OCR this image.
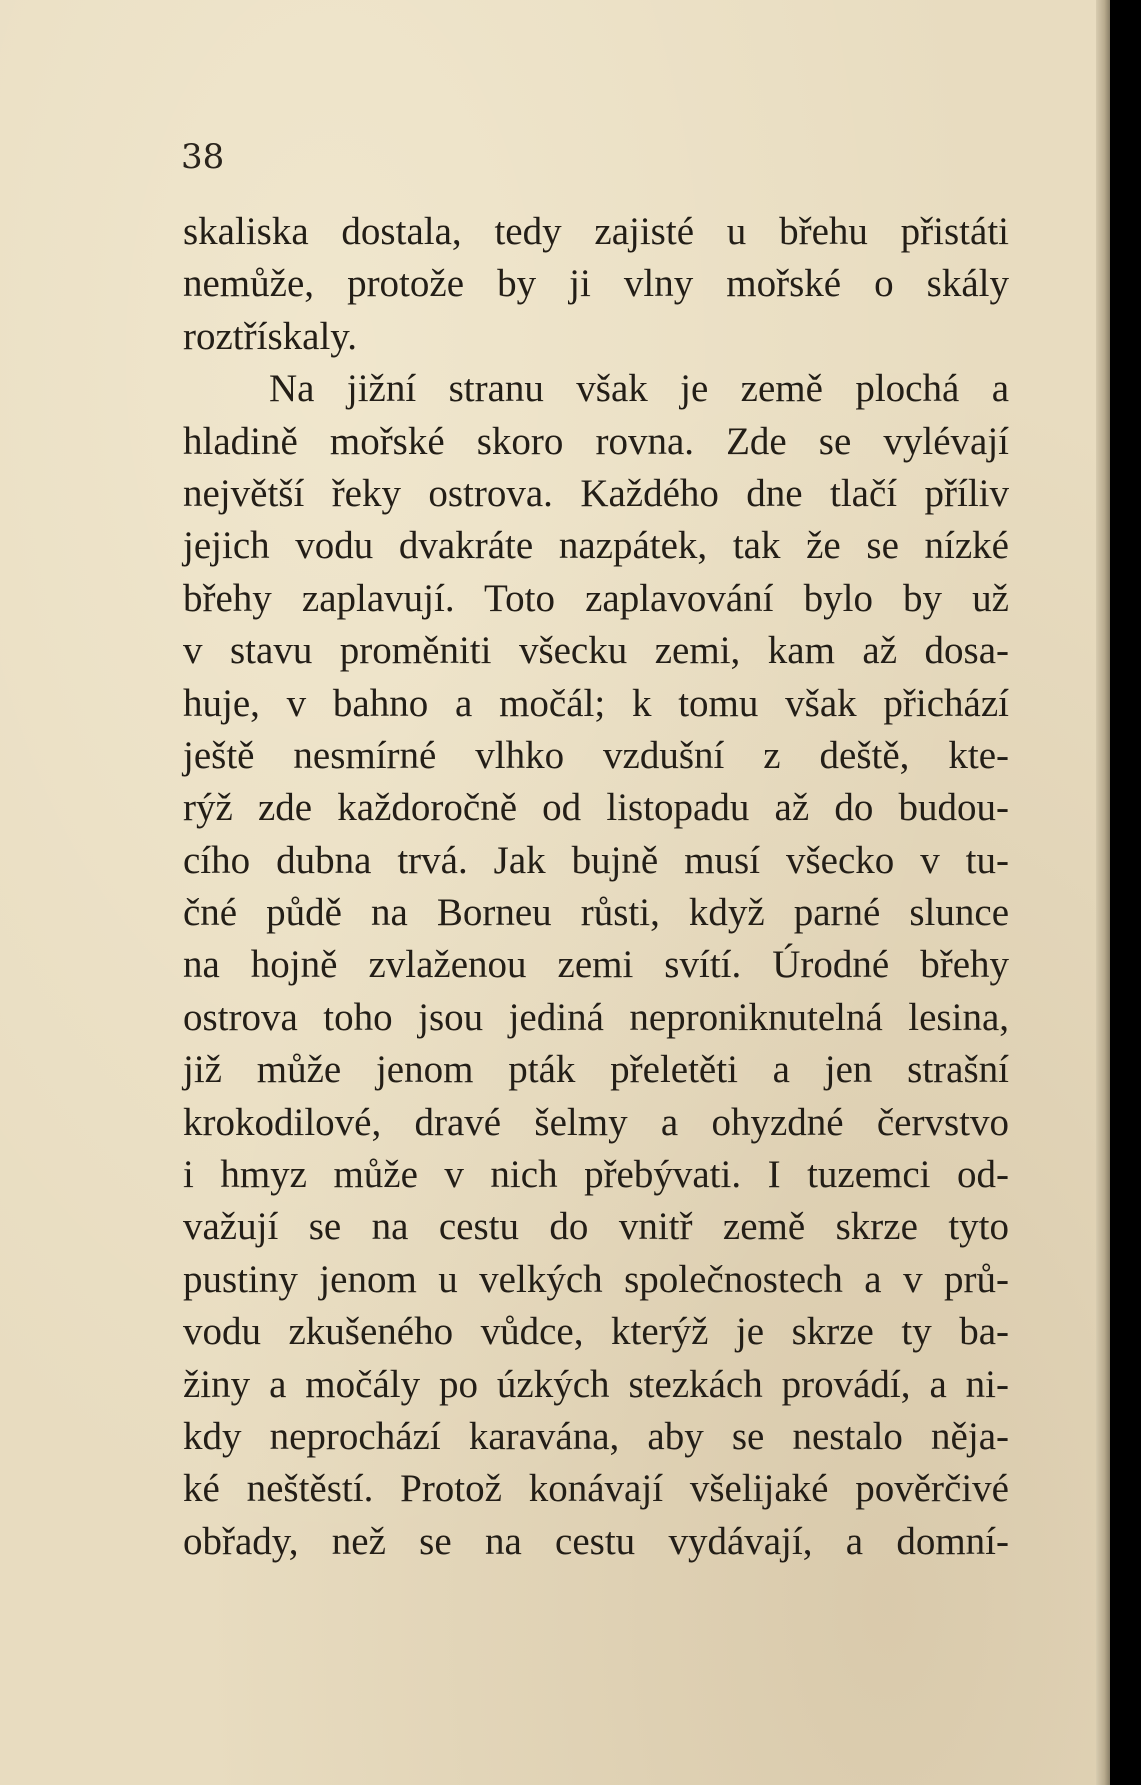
38
skaliska dostala, tedy zajisté u břehu přistáti
nemůže, protože by ji vlny mořské o skály
roztřískaly.
Na jižní stranu však je země plochá a
hladině mořské skoro rovna. Zde se vylévají
největší řeky ostrova. Každého dne tlačí příliv
jejich vodu dvakráte nazpátek, tak že se nízké
břehy zaplavují. Toto zaplavování bylo by už
v stavu proměniti všecku zemi, kam až dosa-
huje, v bahno a močál; k tomu však přichází
ještě nesmírné vlhko vzdušní z deště, kte-
rýž zde každoročně od listopadu až do budou-
cího dubna trvá. Jak bujně musí všecko v tu-
čné půdě na Borneu růsti, když parné slunce
na hojně zvlaženou zemi svítí. Úrodné břehy
ostrova toho jsou jediná neproniknutelná lesina,
již může jenom pták přeletěti a jen strašní
krokodilové, dravé šelmy a ohyzdné červstvo
i hmyz může v nich přebývati. I tuzemci od-
važují se na cestu do vnitř země skrze tyto
pustiny jenom u velkých společnostech a v prů-
vodu zkušeného vůdce, kterýž je skrze ty ba-
žiny a močály po úzkých stezkách provádí, a ni-
kdy neprochází karavána, aby se nestalo něja-
ké neštěstí. Protož konávají všelijaké pověrčivé
obřady, než se na cestu vydávají, a domní-
